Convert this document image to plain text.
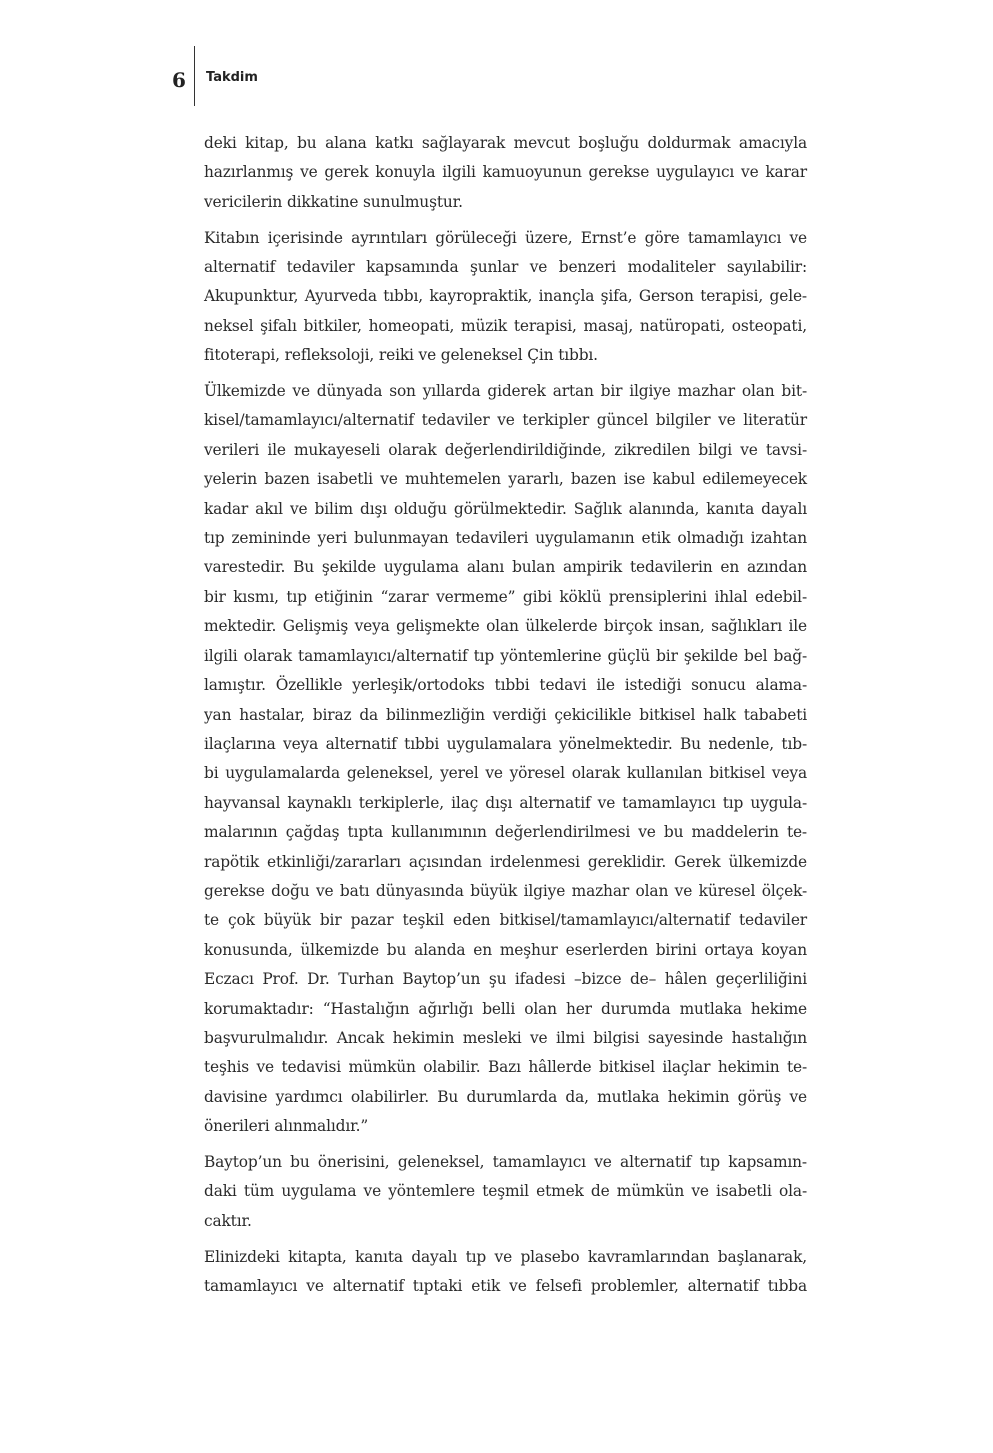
6 Takdim

deki kitap, bu alana katkı sağlayarak mevcut boşluğu doldurmak amacıyla
hazırlanmış ve gerek konuyla ilgili kamuoyunun gerekse uygulayıcı ve karar
vericilerin dikkatine sunulmuştur.

Kitabın içerisinde ayrıntıları görüleceği üzere, Ernst’e göre tamamlayıcı ve
alternatif tedaviler kapsamında şunlar ve benzeri modaliteler sayılabilir:
Akupunktur, Ayurveda tıbbı, kayropraktik, inançla şifa, Gerson terapisi, gele-
neksel şifalı bitkiler, homeopati, müzik terapisi, masaj, natüropati, osteopati,
fitoterapi, refleksoloji, reiki ve geleneksel Çin tıbbı.

Ülkemizde ve dünyada son yıllarda giderek artan bir ilgiye mazhar olan bit-
kisel/tamamlayıcı/alternatif tedaviler ve terkipler güncel bilgiler ve literatür
verileri ile mukayeseli olarak değerlendirildiğinde, zikredilen bilgi ve tavsi-
yelerin bazen isabetli ve muhtemelen yararlı, bazen ise kabul edilemeyecek
kadar akıl ve bilim dışı olduğu görülmektedir. Sağlık alanında, kanıta dayalı
tıp zemininde yeri bulunmayan tedavileri uygulamanın etik olmadığı izahtan
varestedir. Bu şekilde uygulama alanı bulan ampirik tedavilerin en azından
bir kısmı, tıp etiğinin “zarar vermeme” gibi köklü prensiplerini ihlal edebil-
mektedir. Gelişmiş veya gelişmekte olan ülkelerde birçok insan, sağlıkları ile
ilgili olarak tamamlayıcı/alternatif tıp yöntemlerine güçlü bir şekilde bel bağ-
lamıştır. Özellikle yerleşik/ortodoks tıbbi tedavi ile istediği sonucu alama-
yan hastalar, biraz da bilinmezliğin verdiği çekicilikle bitkisel halk tababeti
ilaçlarına veya alternatif tıbbi uygulamalara yönelmektedir. Bu nedenle, tıb-
bi uygulamalarda geleneksel, yerel ve yöresel olarak kullanılan bitkisel veya
hayvansal kaynaklı terkiplerle, ilaç dışı alternatif ve tamamlayıcı tıp uygula-
malarının çağdaş tıpta kullanımının değerlendirilmesi ve bu maddelerin te-
rapötik etkinliği/zararları açısından irdelenmesi gereklidir. Gerek ülkemizde
gerekse doğu ve batı dünyasında büyük ilgiye mazhar olan ve küresel ölçek-
te çok büyük bir pazar teşkil eden bitkisel/tamamlayıcı/alternatif tedaviler
konusunda, ülkemizde bu alanda en meşhur eserlerden birini ortaya koyan
Eczacı Prof. Dr. Turhan Baytop’un şu ifadesi –bizce de– hâlen geçerliliğini
korumaktadır: “Hastalığın ağırlığı belli olan her durumda mutlaka hekime
başvurulmalıdır. Ancak hekimin mesleki ve ilmi bilgisi sayesinde hastalığın
teşhis ve tedavisi mümkün olabilir. Bazı hâllerde bitkisel ilaçlar hekimin te-
davisine yardımcı olabilirler. Bu durumlarda da, mutlaka hekimin görüş ve
önerileri alınmalıdır.”

Baytop’un bu önerisini, geleneksel, tamamlayıcı ve alternatif tıp kapsamın-
daki tüm uygulama ve yöntemlere teşmil etmek de mümkün ve isabetli ola-
caktır.

Elinizdeki kitapta, kanıta dayalı tıp ve plasebo kavramlarından başlanarak,
tamamlayıcı ve alternatif tıptaki etik ve felsefi problemler, alternatif tıbba
